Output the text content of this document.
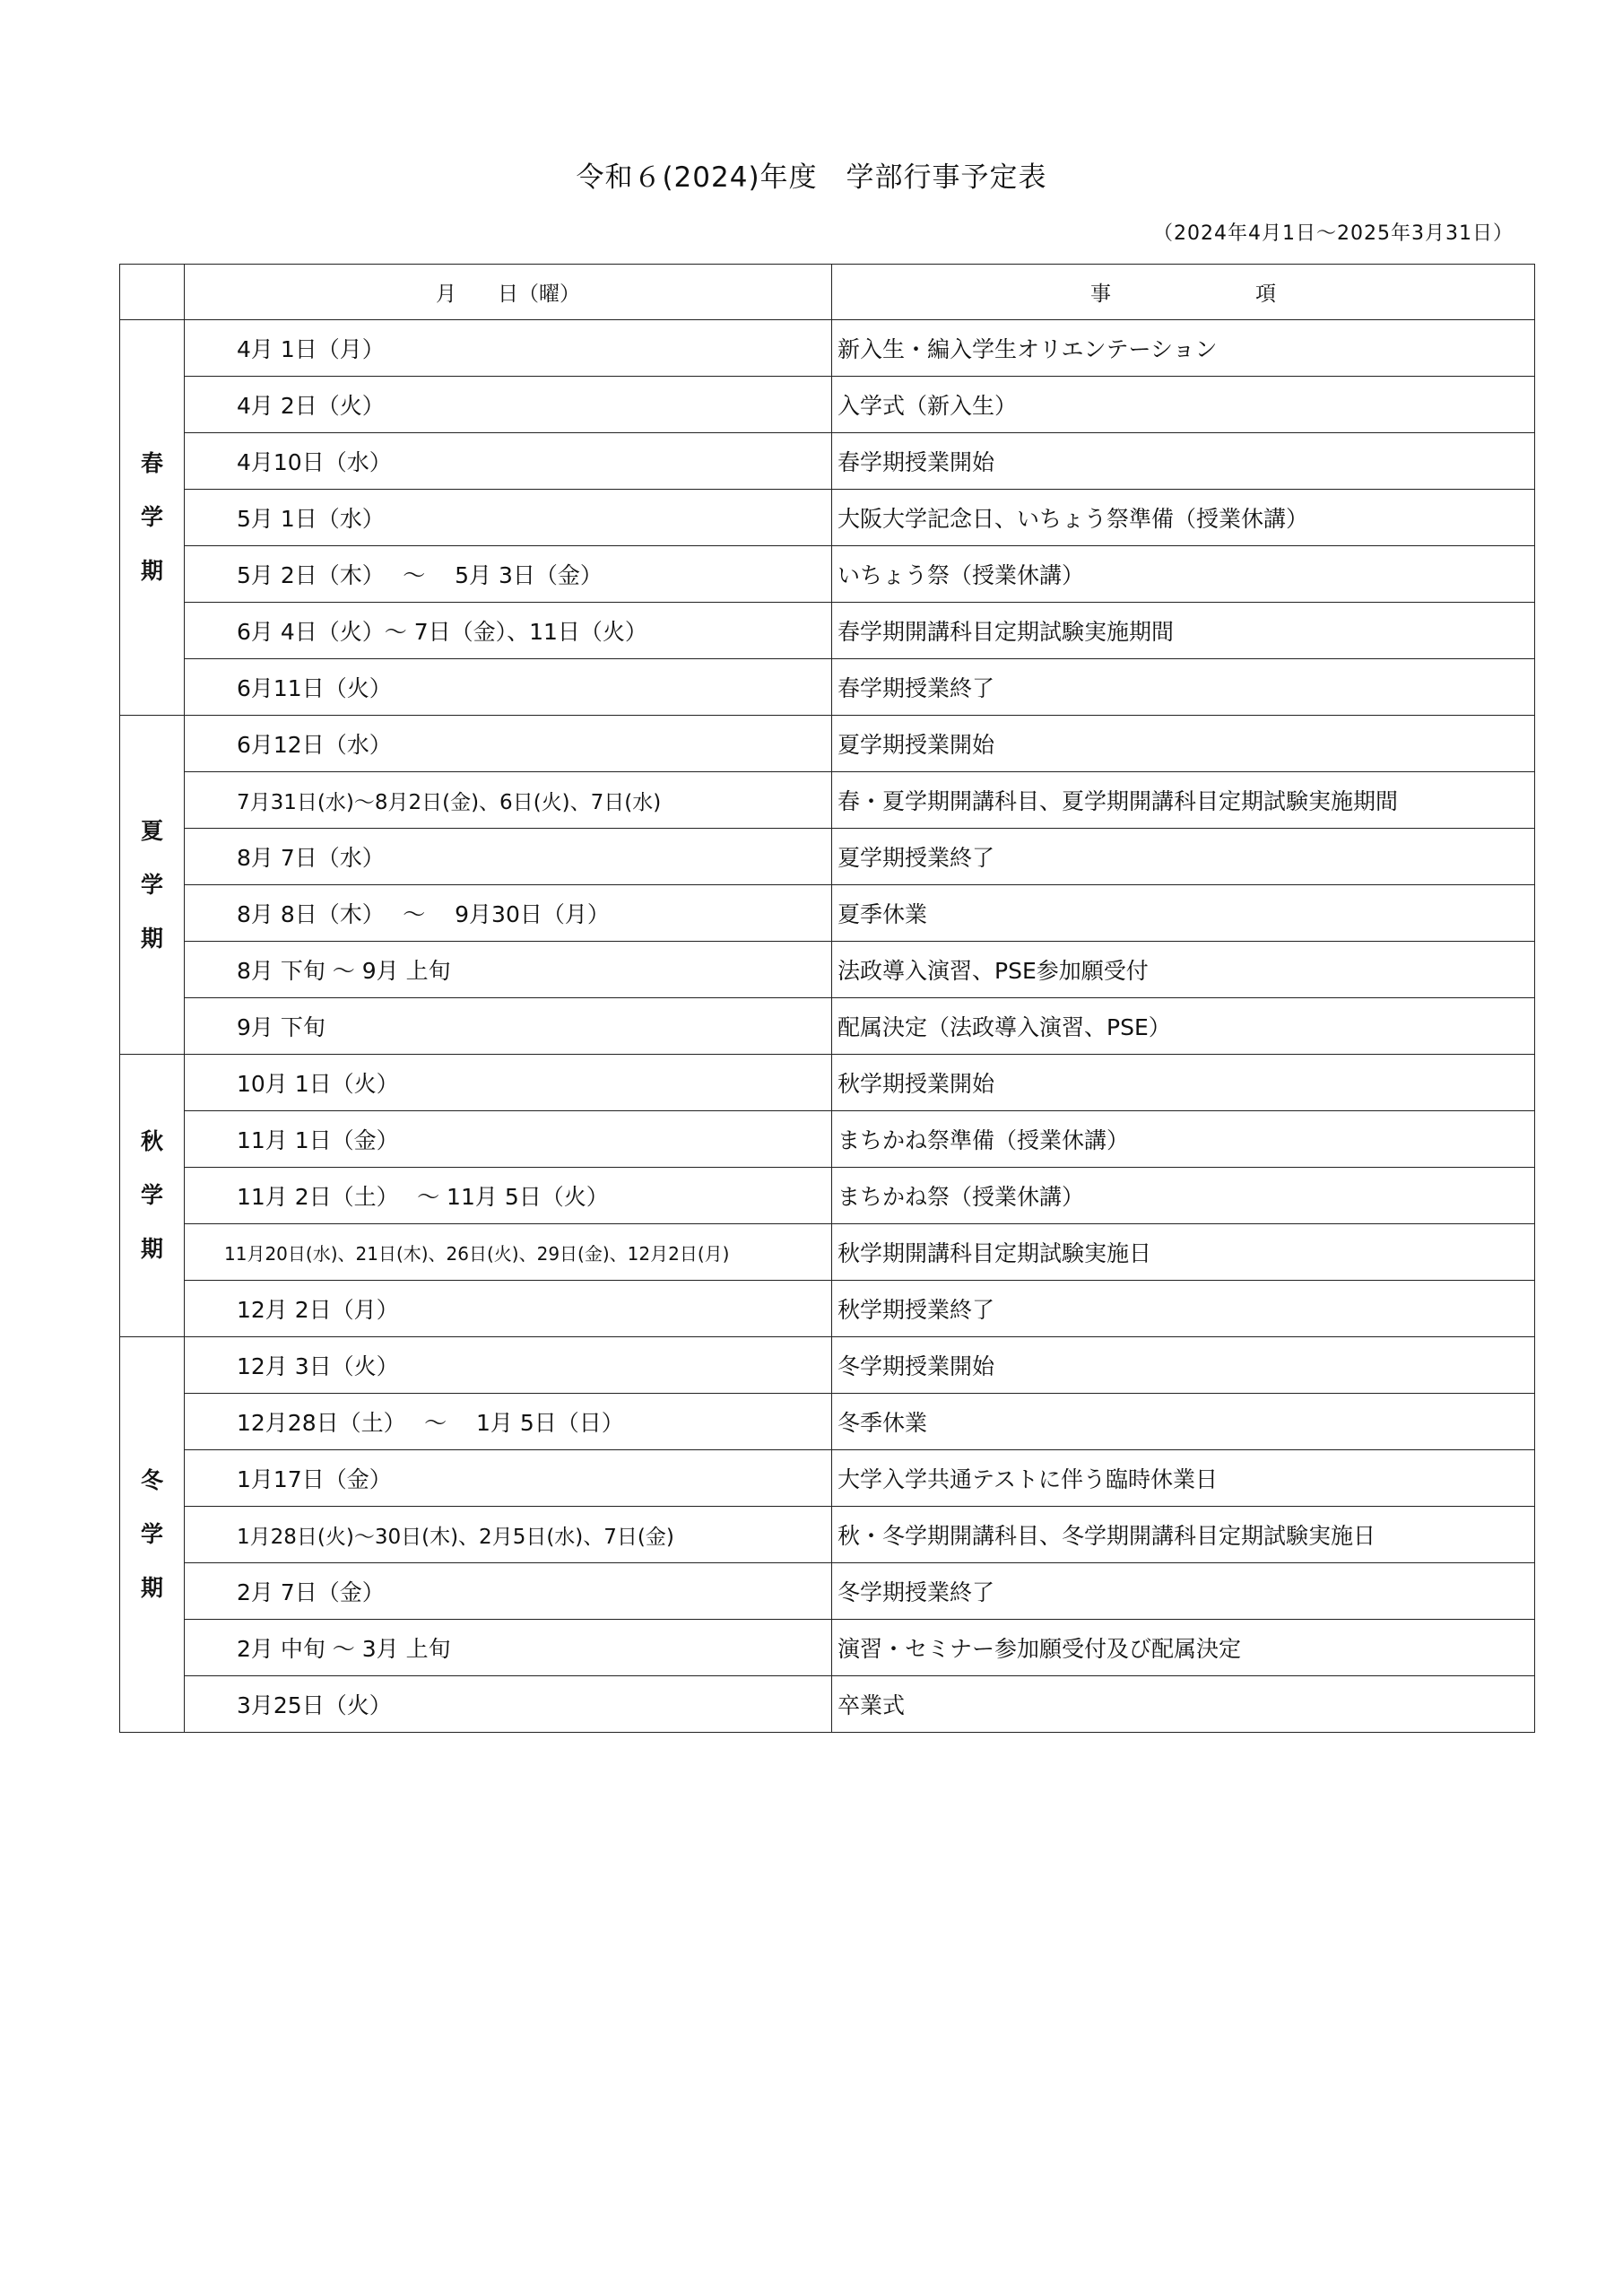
令和６(2024)年度　学部行事予定表
（2024年4月1日～2025年3月31日）
	月　　日（曜）	事　　　　　　　項
春
学
期	4月 1日（月）	新入生・編入学生オリエンテーション
	4月 2日（火）	入学式（新入生）
	4月10日（水）	春学期授業開始
	5月 1日（水）	大阪大学記念日、いちょう祭準備（授業休講）
	5月 2日（木）　 ～　 5月 3日（金）	いちょう祭（授業休講）
	6月 4日（火）～ 7日（金）、11日（火）	春学期開講科目定期試験実施期間
	6月11日（火）	春学期授業終了
夏
学
期	6月12日（水）	夏学期授業開始
	7月31日(水)～8月2日(金)、6日(火)、7日(水)	春・夏学期開講科目、夏学期開講科目定期試験実施期間
	8月 7日（水）	夏学期授業終了
	8月 8日（木）　 ～　 9月30日（月）	夏季休業
	8月 下旬 ～ 9月 上旬	法政導入演習、PSE参加願受付
	9月 下旬	配属決定（法政導入演習、PSE）
秋
学
期	10月 1日（火）	秋学期授業開始
	11月 1日（金）	まちかね祭準備（授業休講）
	11月 2日（土）　 ～ 11月 5日（火）	まちかね祭（授業休講）
	11月20日(水)、21日(木)、26日(火)、29日(金)、12月2日(月)	秋学期開講科目定期試験実施日
	12月 2日（月）	秋学期授業終了
冬
学
期	12月 3日（火）	冬学期授業開始
	12月28日（土）　 ～　 1月 5日（日）	冬季休業
	1月17日（金）	大学入学共通テストに伴う臨時休業日
	1月28日(火)～30日(木)、2月5日(水)、7日(金)	秋・冬学期開講科目、冬学期開講科目定期試験実施日
	2月 7日（金）	冬学期授業終了
	2月 中旬 ～ 3月 上旬	演習・セミナー参加願受付及び配属決定
	3月25日（火）	卒業式
